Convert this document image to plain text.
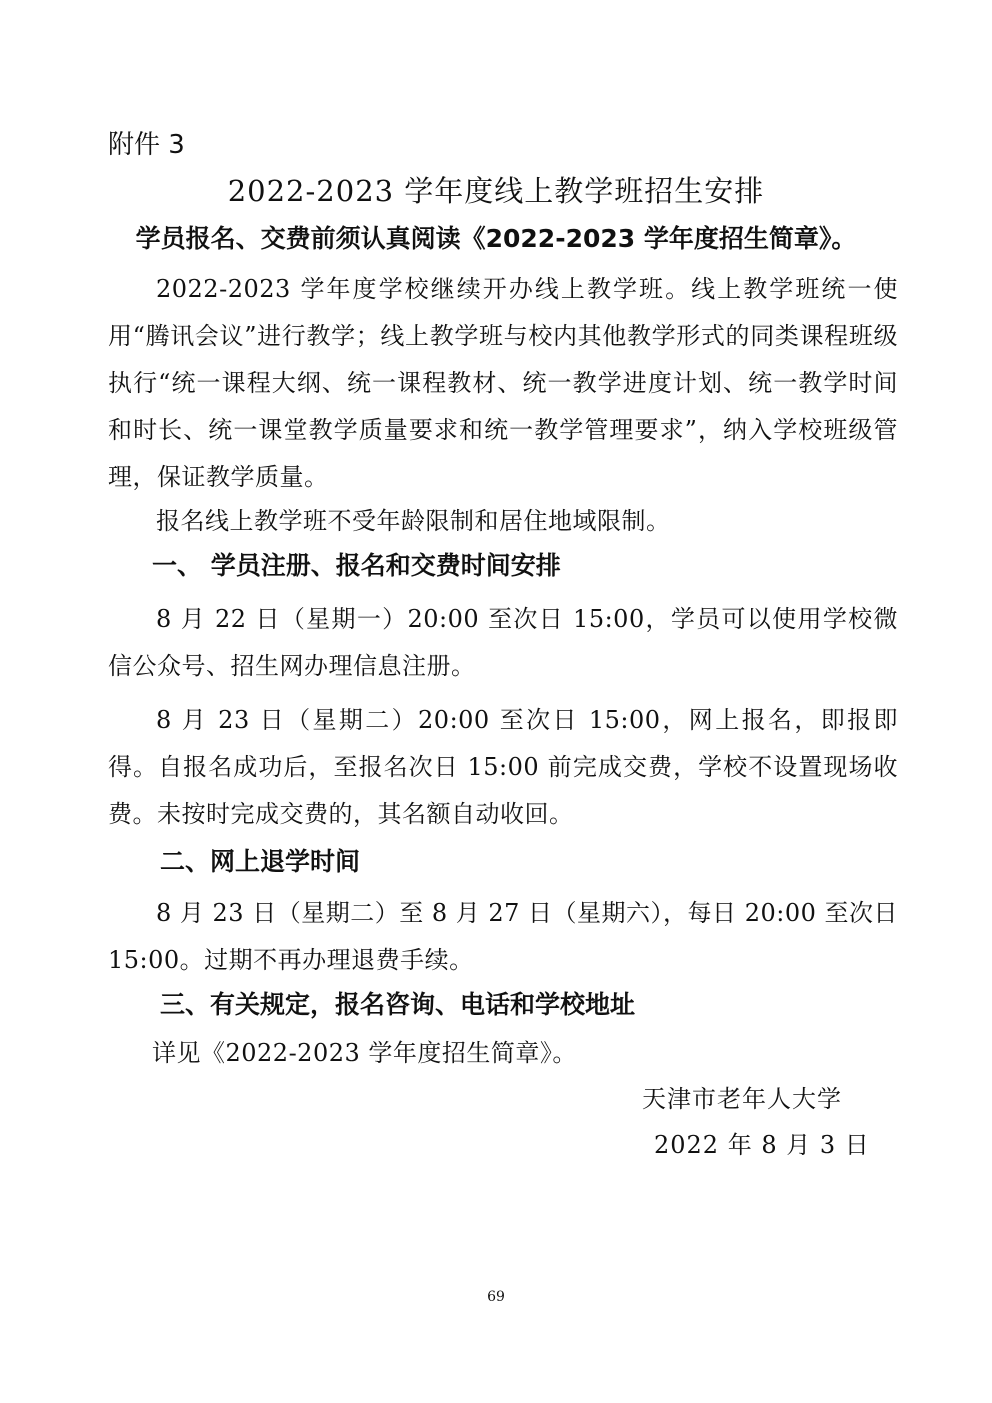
附件 3
2022-2023 学年度线上教学班招生安排
学员报名、交费前须认真阅读《2022-2023 学年度招生简章》。
2022-2023 学年度学校继续开办线上教学班。线上教学班统一使用“腾讯会议”进行教学；线上教学班与校内其他教学形式的同类课程班级执行“统一课程大纲、统一课程教材、统一教学进度计划、统一教学时间和时长、统一课堂教学质量要求和统一教学管理要求”，纳入学校班级管理，保证教学质量。
报名线上教学班不受年龄限制和居住地域限制。
一、 学员注册、报名和交费时间安排
8 月 22 日（星期一）20:00 至次日 15:00，学员可以使用学校微信公众号、招生网办理信息注册。
8 月 23 日（星期二）20:00 至次日 15:00，网上报名，即报即得。自报名成功后，至报名次日 15:00 前完成交费，学校不设置现场收费。未按时完成交费的，其名额自动收回。
二、网上退学时间
8 月 23 日（星期二）至 8 月 27 日（星期六），每日 20:00 至次日 15:00。过期不再办理退费手续。
三、有关规定，报名咨询、电话和学校地址
详见《2022-2023 学年度招生简章》。
天津市老年人大学
2022 年 8 月 3 日
69
